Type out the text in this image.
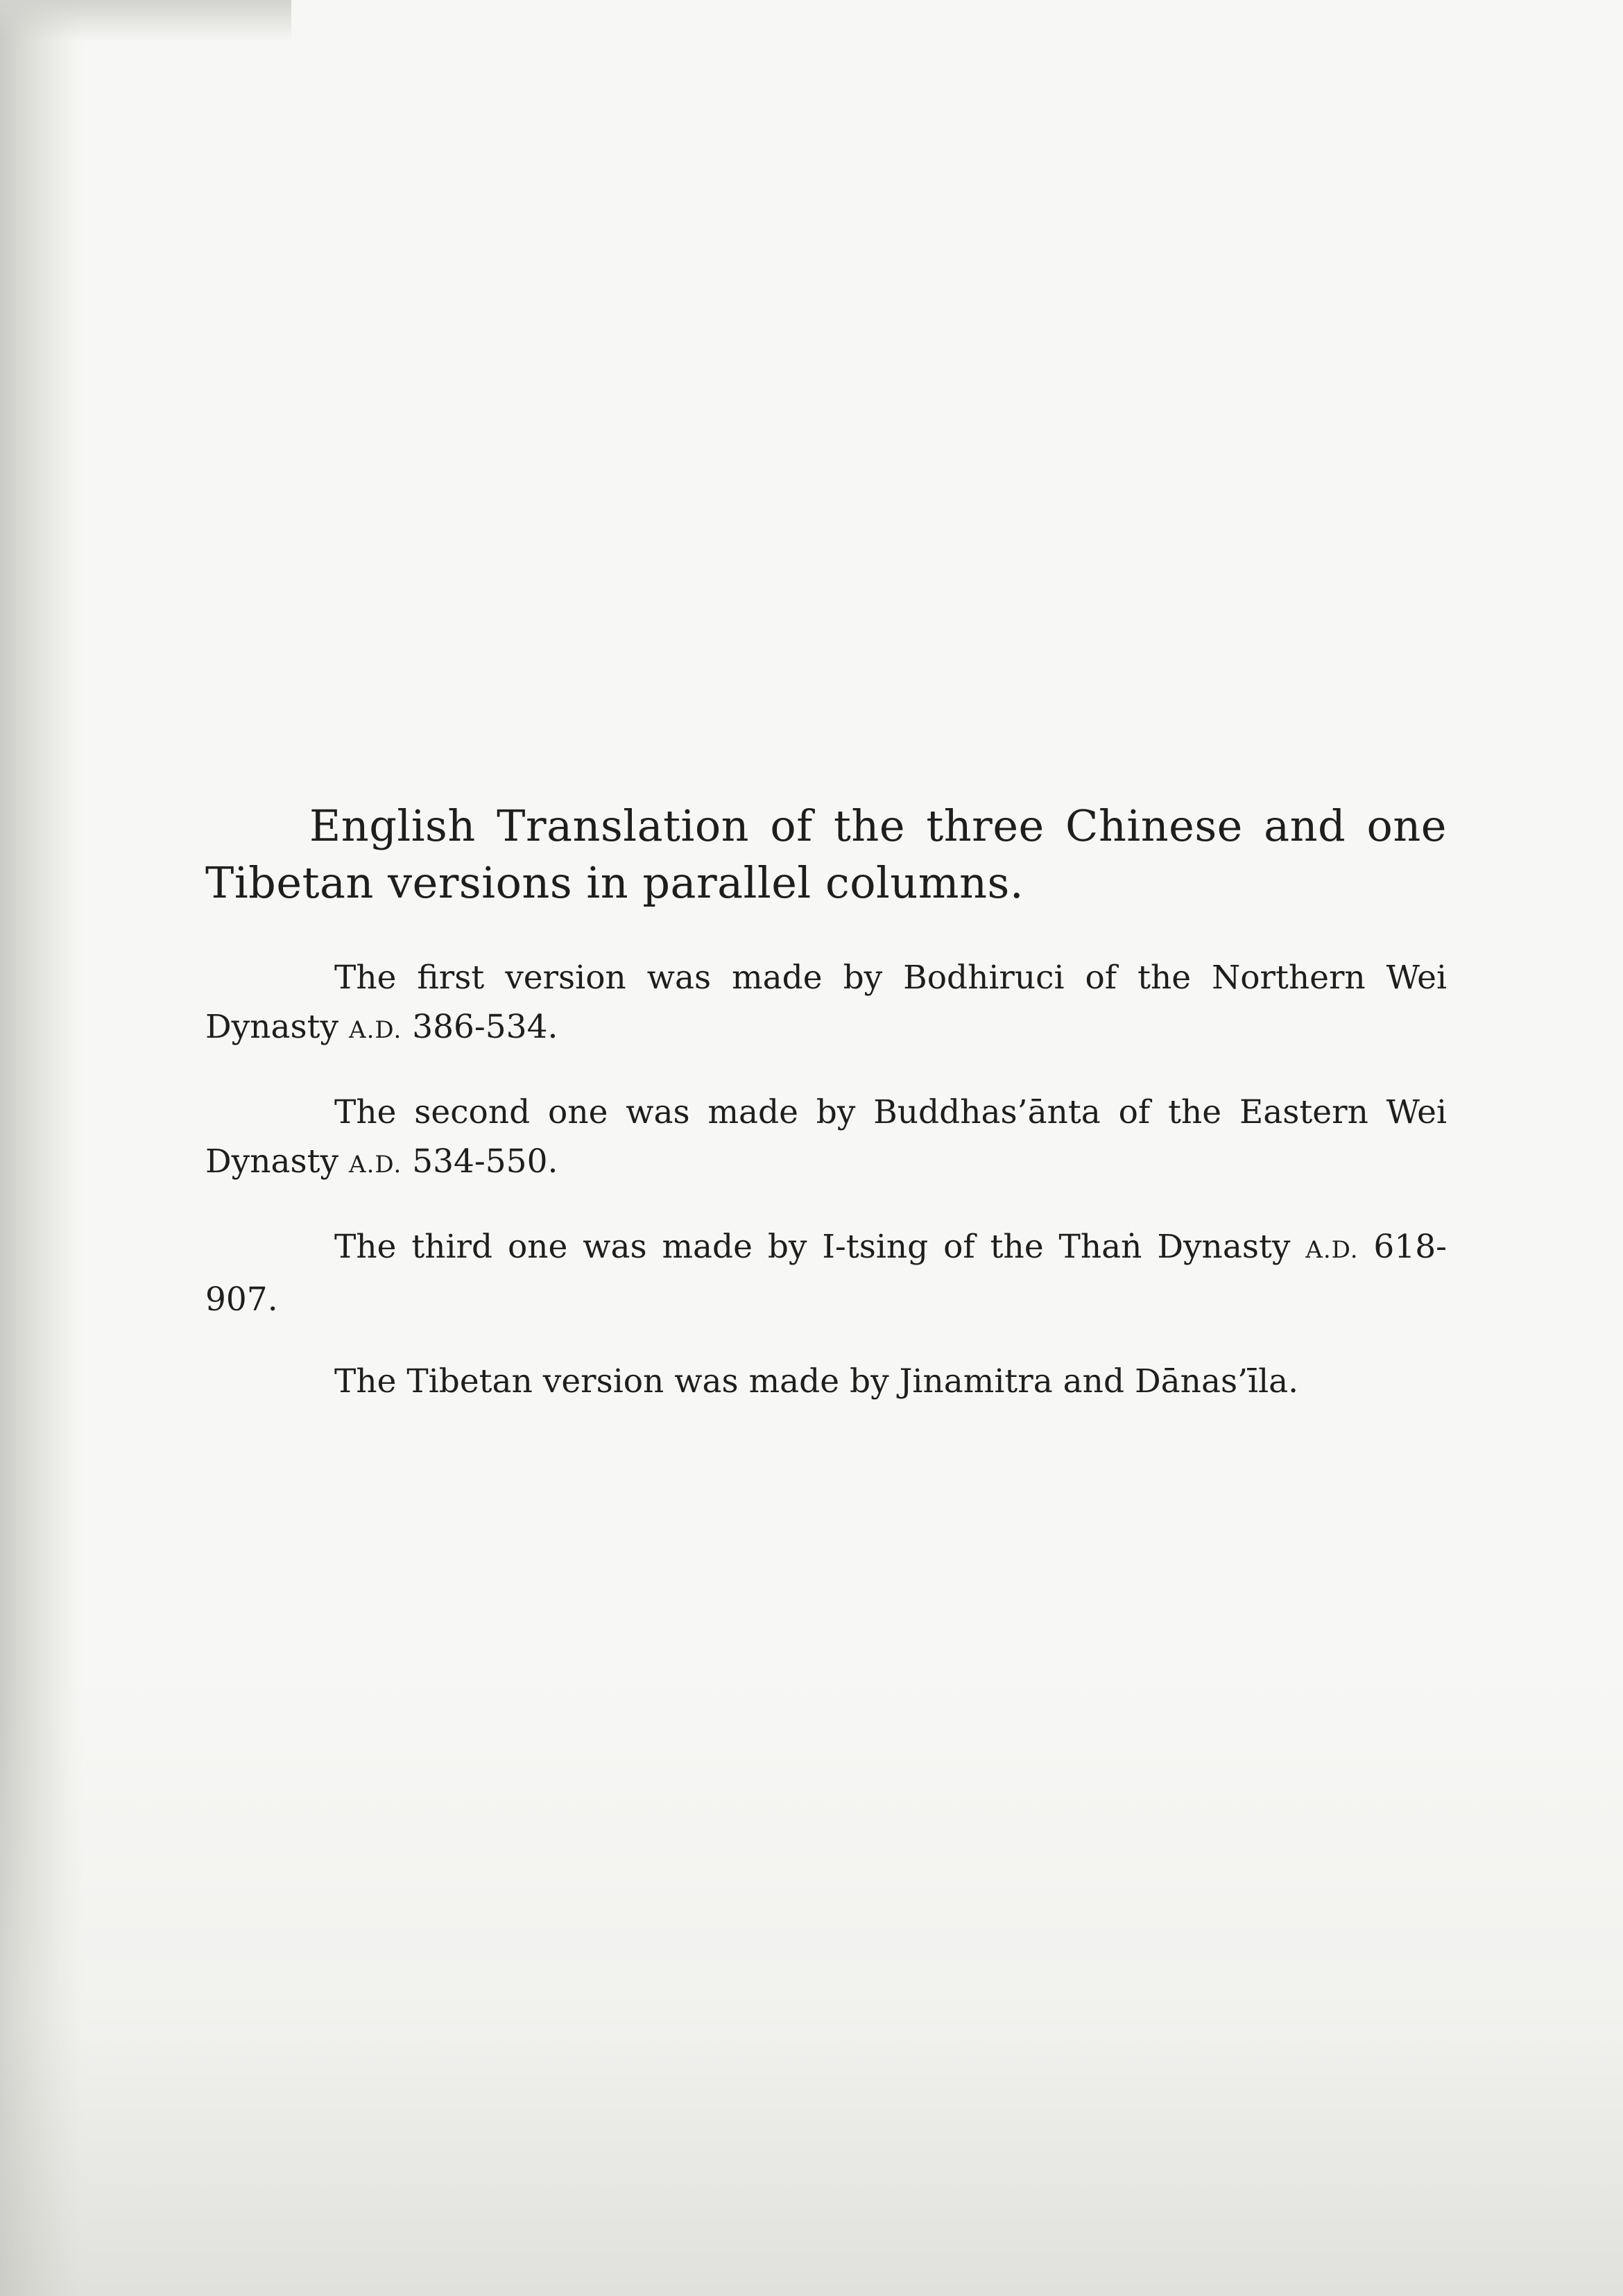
English Translation of the three Chinese and one Tibetan versions in parallel columns.

The first version was made by Bodhiruci of the Northern Wei Dynasty A.D. 386-534.

The second one was made by Buddhas’ānta of the Eastern Wei Dynasty A.D. 534-550.

The third one was made by I-tsing of the Thaṅ Dynasty A.D. 618-907.

The Tibetan version was made by Jinamitra and Dānas’īla.
